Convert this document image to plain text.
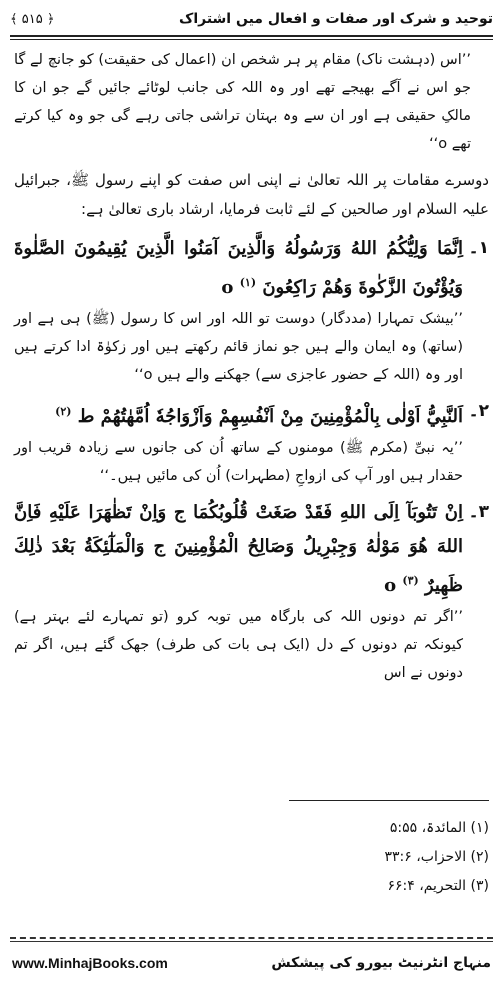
توحید و شرک اور صفات و افعال میں اشتراک
﴿ ۵۱۵ ﴾

’’اس (دہشت ناک) مقام پر ہر شخص ان (اعمال کی حقیقت) کو جانچ لے گا جو اس نے آگے بھیجے تھے اور وہ اللہ کی جانب لوٹائے جائیں گے جو ان کا مالکِ حقیقی ہے اور ان سے وہ بہتان تراشی جاتی رہے گی جو وہ کیا کرتے تھے o‘‘

دوسرے مقامات پر اللہ تعالیٰ نے اپنی اس صفت کو اپنے رسول ﷺ، جبرائیل علیہ السلام اور صالحین کے لئے ثابت فرمایا، ارشاد باری تعالیٰ ہے:

۱۔
اِنَّمَا وَلِيُّكُمُ اللهُ وَرَسُولُهُ وَالَّذِينَ آمَنُوا الَّذِينَ يُقِيمُونَ الصَّلٰوةَ وَيُؤْتُونَ الزَّكٰوةَ وَهُمْ رَاكِعُونَ o $^{(۱)}$
’’بیشک تمہارا (مددگار) دوست تو اللہ اور اس کا رسول (ﷺ) ہی ہے اور (ساتھ) وہ ایمان والے ہیں جو نماز قائم رکھتے ہیں اور زکوٰۃ ادا کرتے ہیں اور وہ (اللہ کے حضور عاجزی سے) جھکنے والے ہیں o‘‘
۲۔
اَلنَّبِيُّ اَوْلٰى بِالْمُؤْمِنِينَ مِنْ اَنْفُسِهِمْ وَاَزْوَاجُهٗ اُمَّهٰتُهُمْ ط $^{(۲)}$
’’یہ نبیِّ (مکرم ﷺ) مومنوں کے ساتھ اُن کی جانوں سے زیادہ قریب اور حقدار ہیں اور آپ کی ازواجِ (مطہرات) اُن کی مائیں ہیں۔‘‘
۳۔
اِنْ تَتُوبَآ اِلَى اللهِ فَقَدْ صَغَتْ قُلُوبُكُمَا ج وَاِنْ تَظٰهَرَا عَلَيْهِ فَاِنَّ اللهَ هُوَ مَوْلٰهُ وَجِبْرِيلُ وَصَالِحُ الْمُؤْمِنِينَ ج وَالْمَلٰٓئِكَةُ بَعْدَ ذٰلِكَ ظَهِيرٌ o $^{(۳)}$
’’اگر تم دونوں اللہ کی بارگاہ میں توبہ کرو (تو تمہارے لئے بہتر ہے) کیونکہ تم دونوں کے دل (ایک ہی بات کی طرف) جھک گئے ہیں، اگر تم دونوں نے اس
(۱) المائدۃ، ۵:۵۵
(۲) الاحزاب، ۳۳:۶
(۳) التحریم، ۶۶:۴
www.MinhajBooks.com	منہاج انٹرنیٹ بیورو کی پیشکش
